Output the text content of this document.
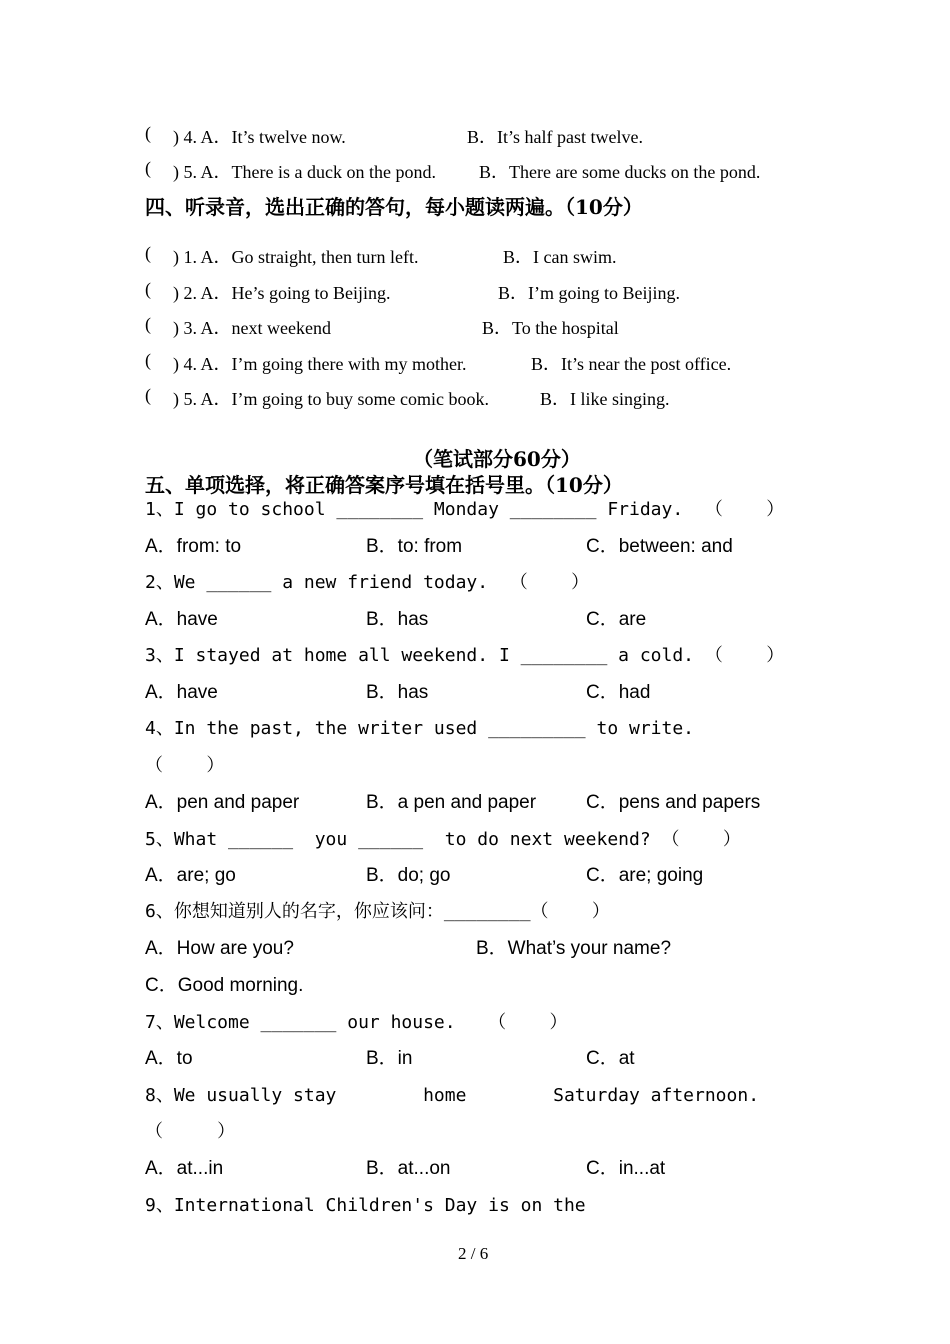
( ) 4. A．It’s twelve now.	B．It’s half past twelve.
( ) 5. A．There is a duck on the pond. B．There are some ducks on the pond.
四、听录音，选出正确的答句，每小题读两遍。（10分）
( ) 1. A．Go straight, then turn left.	B．I can swim.
( ) 2. A．He’s going to Beijing.	B．I’m going to Beijing.
( ) 3. A．next weekend	B．To the hospital
( ) 4. A．I’m going there with my mother.	B．It’s near the post office.
( ) 5. A．I’m going to buy some comic book.	B．I like singing.
（笔试部分60分）
五、单项选择，将正确答案序号填在括号里。（10分）
1、I go to school ________ Monday ________ Friday.  （    ）
A．from: to	B．to: from	C．between: and
2、We ______ a new friend today.  （    ）
A．have	B．has	C．are
3、I stayed at home all weekend. I ________ a cold. （    ）
A．have	B．has	C．had
4、In the past, the writer used _________ to write.
（    ）
A．pen and paper	B．a pen and paper	C．pens and papers
5、What ______  you ______  to do next weekend? （    ）
A．are; go	B．do; go	C．are; going
6、你想知道别人的名字，你应该问：________（    ）
A．How are you?	B．What’s your name?
C．Good morning.
7、Welcome _______ our house.   （    ）
A．to	B．in	C．at
8、We usually stay        home        Saturday afternoon.
（     ）
A．at...in	B．at...on	C．in...at
9、International Children's Day is on the
2 / 6
